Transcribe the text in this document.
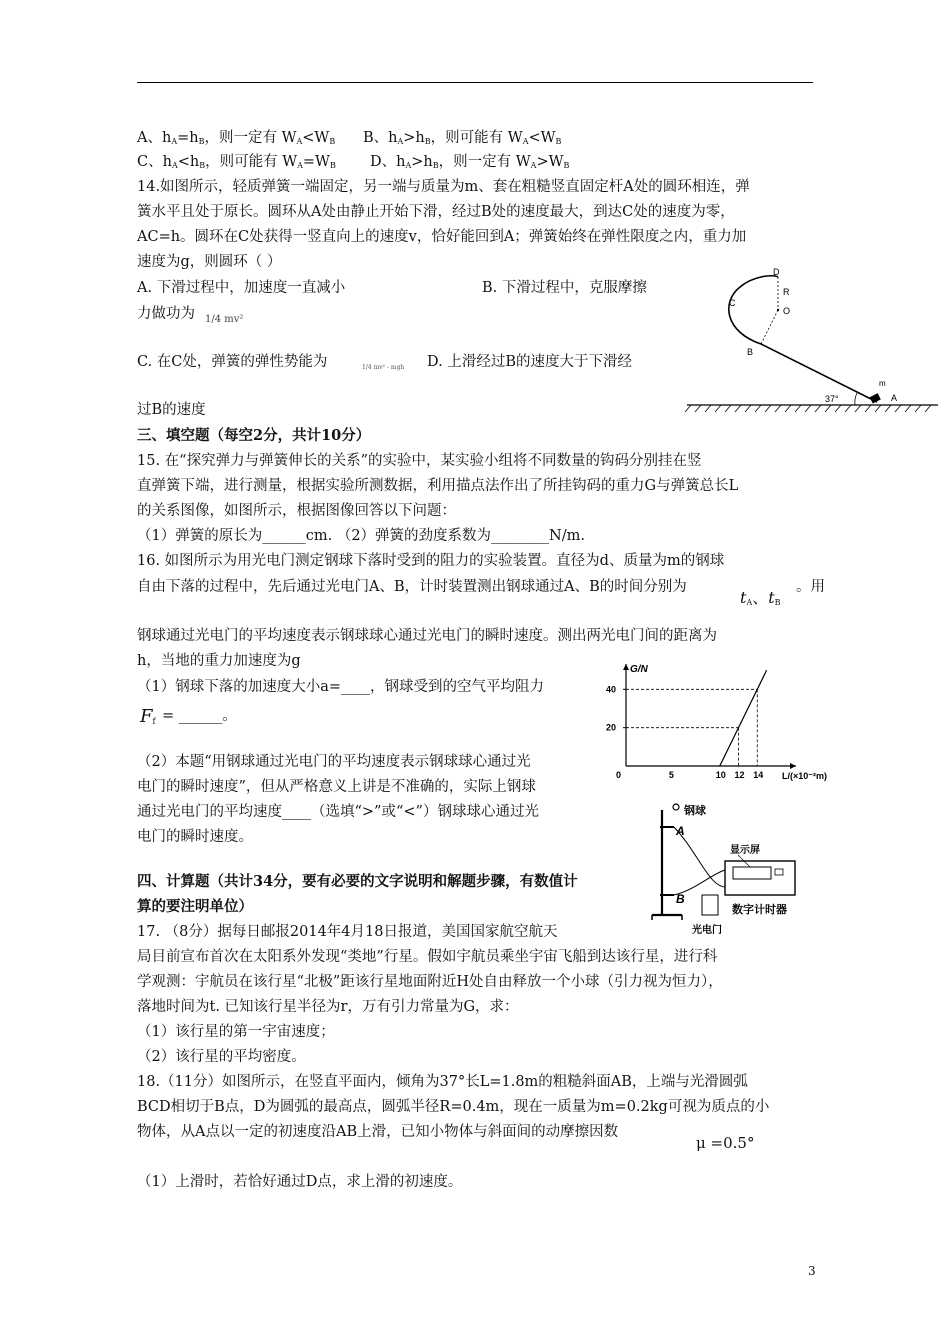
A、$h_A=h_B$，则一定有 $W_A<W_B$ B、$h_A>h_B$，则可能有 $W_A<W_B$
C、$h_A<h_B$，则可能有 $W_A=W_B$ D、$h_A>h_B$，则一定有 $W_A>W_B$
14.如图所示，轻质弹簧一端固定，另一端与质量为m、套在粗糙竖直固定杆A处的圆环相连，弹
簧水平且处于原长。圆环从A处由静止开始下滑，经过B处的速度最大，到达C处的速度为零，
AC=h。圆环在C处获得一竖直向上的速度v，恰好能回到A；弹簧始终在弹性限度之内，重力加
速度为g，则圆环（ ）
A. 下滑过程中，加速度一直减小	B. 下滑过程中，克服摩擦
力做功为 1/4 mv²
C. 在C处，弹簧的弹性势能为	1/4 mv² - mgh D. 上滑经过B的速度大于下滑经
过B的速度
D
R
C
O
B
m
37°	A
三、填空题（每空2分，共计10分）
15. 在“探究弹力与弹簧伸长的关系”的实验中，某实验小组将不同数量的钩码分别挂在竖
直弹簧下端，进行测量，根据实验所测数据，利用描点法作出了所挂钩码的重力G与弹簧总长L
的关系图像，如图所示，根据图像回答以下问题：
（1）弹簧的原长为______cm. （2）弹簧的劲度系数为________N/m.
16. 如图所示为用光电门测定钢球下落时受到的阻力的实验装置。直径为d、质量为m的钢球
自由下落的过程中，先后通过光电门A、B，计时装置测出钢球通过A、B的时间分别为
$t_A$、$t_B$
。用
钢球通过光电门的平均速度表示钢球球心通过光电门的瞬时速度。测出两光电门间的距离为
h，当地的重力加速度为g
（1）钢球下落的加速度大小a=____，钢球受到的空气平均阻力
$F_f$ = ______。
（2）本题“用钢球通过光电门的平均速度表示钢球球心通过光
电门的瞬时速度”，但从严格意义上讲是不准确的，实际上钢球
通过光电门的平均速度____（选填“>”或“<”）钢球球心通过光
电门的瞬时速度。
G/N
L/(×10⁻²m)
0	5	10 12 14
20
40
钢球
A
B
显示屏
数字计时器
光电门
四、计算题（共计34分，要有必要的文字说明和解题步骤，有数值计
算的要注明单位）
17. （8分）据每日邮报2014年4月18日报道，美国国家航空航天
局目前宣布首次在太阳系外发现“类地”行星。假如宇航员乘坐宇宙飞船到达该行星，进行科
学观测：宇航员在该行星“北极”距该行星地面附近H处自由释放一个小球（引力视为恒力），
落地时间为t. 已知该行星半径为r，万有引力常量为G，求：
（1）该行星的第一宇宙速度；
（2）该行星的平均密度。
18.（11分）如图所示，在竖直平面内，倾角为37°长L=1.8m的粗糙斜面AB，上端与光滑圆弧
BCD相切于B点，D为圆弧的最高点，圆弧半径R=0.4m，现在一质量为m=0.2kg可视为质点的小
物体，从A点以一定的初速度沿AB上滑，已知小物体与斜面间的动摩擦因数
μ =0.5°
（1）上滑时，若恰好通过D点，求上滑的初速度。
3
